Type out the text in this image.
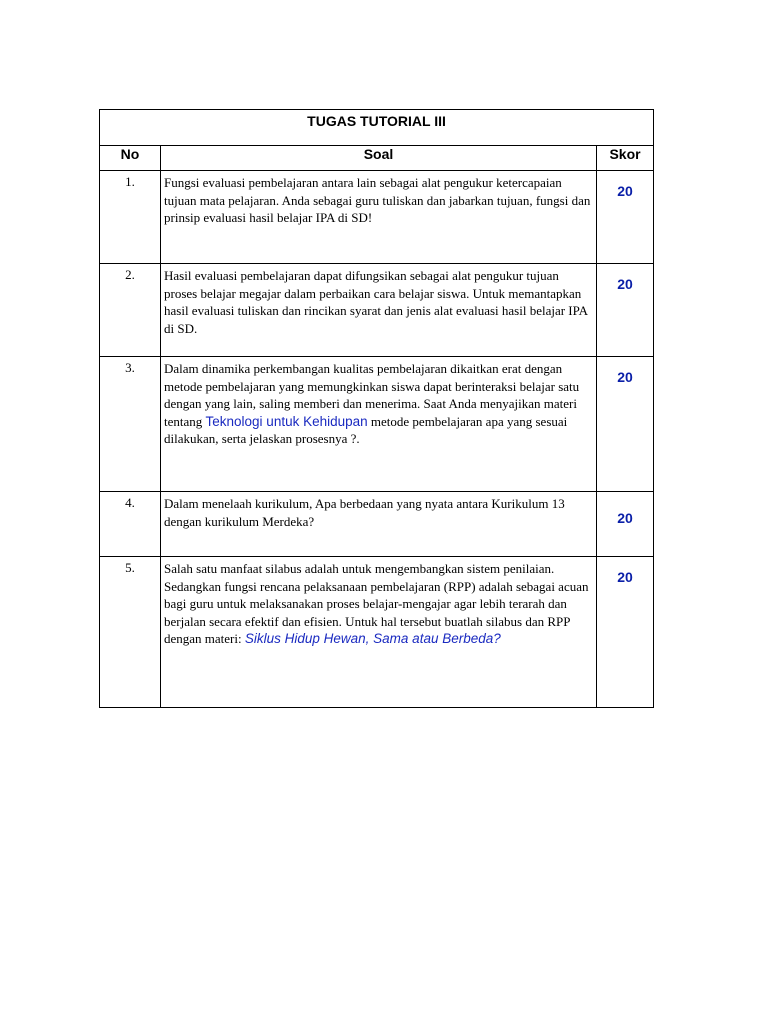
TUGAS TUTORIAL III		

No	Soal	Skor
1.	Fungsi evaluasi pembelajaran antara lain sebagai alat pengukur ketercapaian tujuan mata pelajaran. Anda sebagai guru tuliskan dan jabarkan tujuan, fungsi dan prinsip evaluasi hasil belajar IPA di SD!	20
2.	Hasil evaluasi pembelajaran dapat difungsikan sebagai alat pengukur tujuan proses belajar megajar dalam perbaikan cara belajar siswa. Untuk memantapkan hasil evaluasi tuliskan dan rincikan syarat dan jenis alat evaluasi hasil belajar IPA di SD.	20
3.	Dalam dinamika perkembangan kualitas pembelajaran dikaitkan erat dengan metode pembelajaran yang memungkinkan siswa dapat berinteraksi belajar satu dengan yang lain, saling memberi dan menerima. Saat Anda menyajikan materi tentang Teknologi untuk Kehidupan metode pembelajaran apa yang sesuai dilakukan, serta jelaskan prosesnya ?.	20
4.	Dalam menelaah kurikulum, Apa berbedaan yang nyata antara Kurikulum 13 dengan kurikulum Merdeka?	20
5.	Salah satu manfaat silabus adalah untuk mengembangkan sistem penilaian. Sedangkan fungsi rencana pelaksanaan pembelajaran (RPP) adalah sebagai acuan bagi guru untuk melaksanakan proses belajar-mengajar agar lebih terarah dan berjalan secara efektif dan efisien. Untuk hal tersebut buatlah silabus dan RPP dengan materi: Siklus Hidup Hewan, Sama atau Berbeda?	20
